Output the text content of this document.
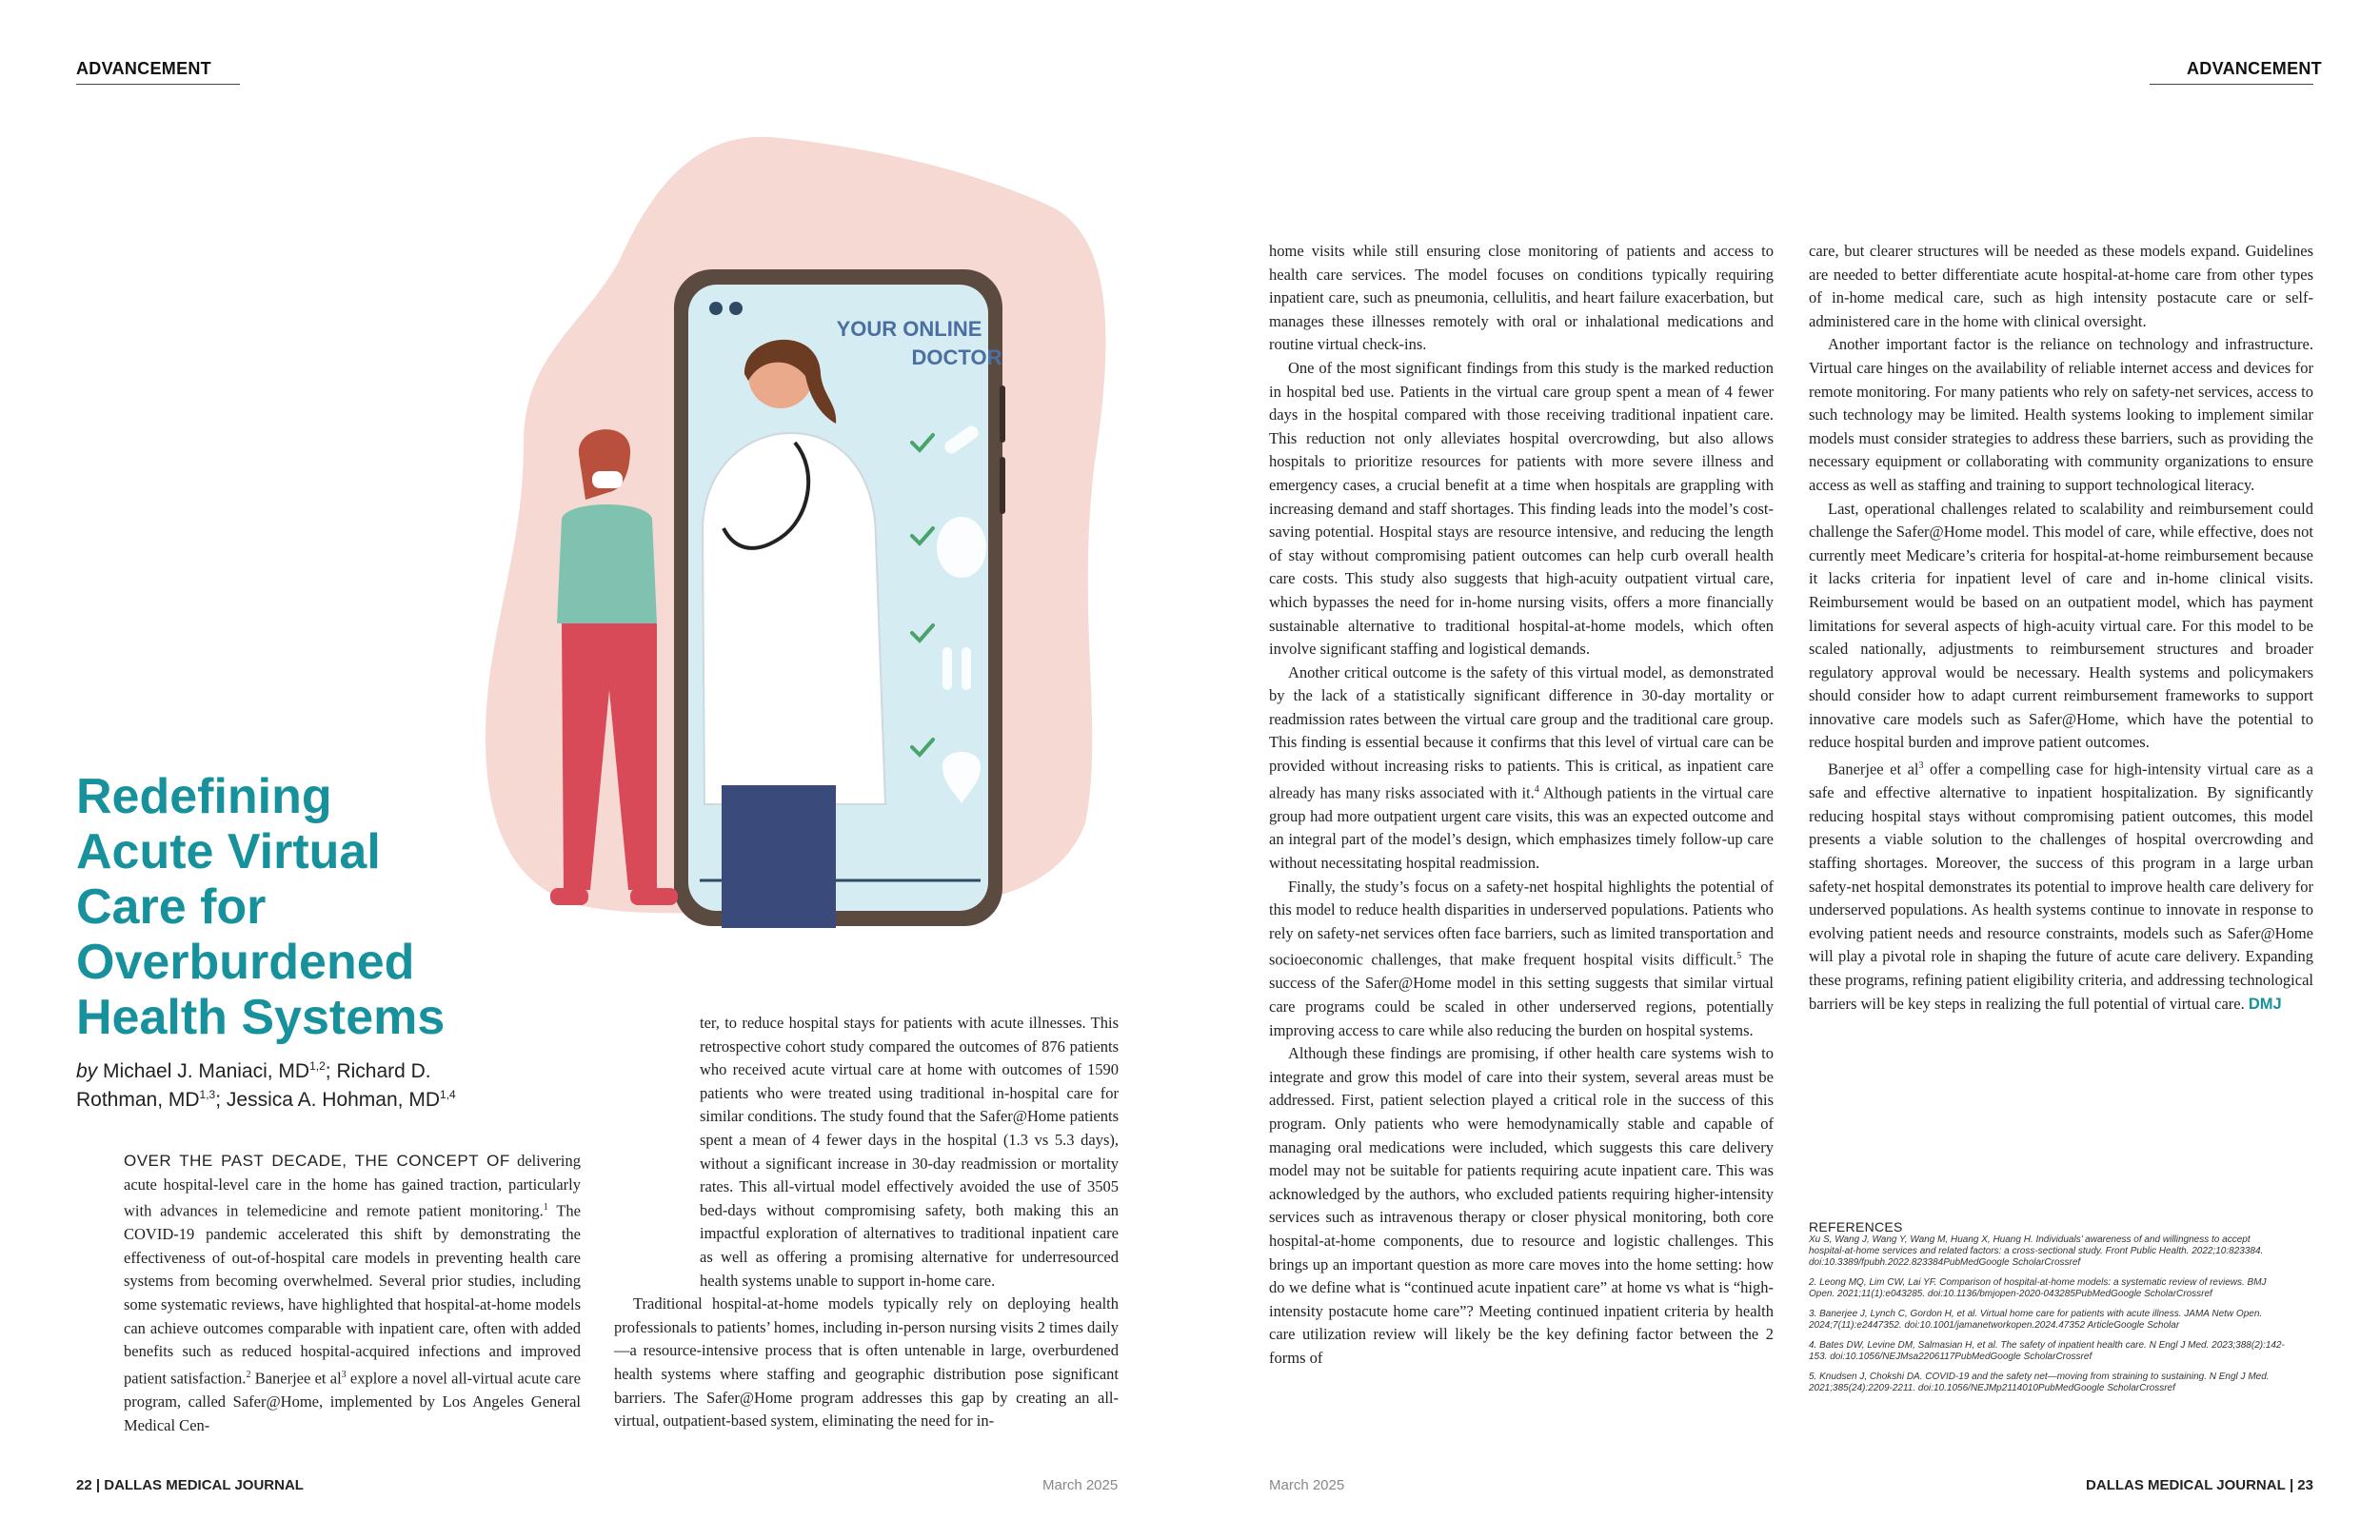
ADVANCEMENT
YOUR ONLINE
DOCTOR
Redefining
Acute Virtual
Care for
Overburdened
Health Systems
by Michael J. Maniaci, MD$^{1,2}$; Richard D.
Rothman, MD$^{1,3}$; Jessica A. Hohman, MD$^{1,4}$

OVER THE PAST DECADE, THE CONCEPT OF delivering acute hospital-level care in the home has gained traction, particularly with advances in telemedicine and remote patient monitoring.$^1$ The COVID-19 pandemic accelerated this shift by demonstrating the effectiveness of out-of-hospital care models in preventing health care systems from becoming overwhelmed. Several prior studies, including some systematic reviews, have highlighted that hospital-at-home models can achieve outcomes comparable with inpatient care, often with added benefits such as reduced hospital-acquired infections and improved patient satisfaction.$^2$ Banerjee et $al^3$ explore a novel all-virtual acute care program, called Safer@Home, implemented by Los Angeles General Medical Cen-

ter, to reduce hospital stays for patients with acute illnesses. This retrospective cohort study compared the outcomes of 876 patients who received acute virtual care at home with outcomes of 1590 patients who were treated using traditional in-hospital care for similar conditions. The study found that the Safer@Home patients spent a mean of 4 fewer days in the hospital (1.3 vs 5.3 days), without a significant increase in 30-day readmission or mortality rates. This all-virtual model effectively avoided the use of 3505 bed-days without compromising safety, both making this an impactful exploration of alternatives to traditional inpatient care as well as offering a promising alternative for underresourced health systems unable to support in-home care.

Traditional hospital-at-home models typically rely on deploying health professionals to patients’ homes, including in-person nursing visits 2 times daily—a resource-intensive process that is often untenable in large, overburdened health systems where staffing and geographic distribution pose significant barriers. The Safer@Home program addresses this gap by creating an all-virtual, outpatient-based system, eliminating the need for in-

22 | DALLAS MEDICAL JOURNAL	March 2025
ADVANCEMENT

home visits while still ensuring close monitoring of patients and access to health care services. The model focuses on conditions typically requiring inpatient care, such as pneumonia, cellulitis, and heart failure exacerbation, but manages these illnesses remotely with oral or inhalational medications and routine virtual check-ins.

One of the most significant findings from this study is the marked reduction in hospital bed use. Patients in the virtual care group spent a mean of 4 fewer days in the hospital compared with those receiving traditional inpatient care. This reduction not only alleviates hospital overcrowding, but also allows hospitals to prioritize resources for patients with more severe illness and emergency cases, a crucial benefit at a time when hospitals are grappling with increasing demand and staff shortages. This finding leads into the model’s cost-saving potential. Hospital stays are resource intensive, and reducing the length of stay without compromising patient outcomes can help curb overall health care costs. This study also suggests that high-acuity outpatient virtual care, which bypasses the need for in-home nursing visits, offers a more financially sustainable alternative to traditional hospital-at-home models, which often involve significant staffing and logistical demands.

Another critical outcome is the safety of this virtual model, as demonstrated by the lack of a statistically significant difference in 30-day mortality or readmission rates between the virtual care group and the traditional care group. This finding is essential because it confirms that this level of virtual care can be provided without increasing risks to patients. This is critical, as inpatient care already has many risks associated with it.$^4$ Although patients in the virtual care group had more outpatient urgent care visits, this was an expected outcome and an integral part of the model’s design, which emphasizes timely follow-up care without necessitating hospital readmission.

Finally, the study’s focus on a safety-net hospital highlights the potential of this model to reduce health disparities in underserved populations. Patients who rely on safety-net services often face barriers, such as limited transportation and socioeconomic challenges, that make frequent hospital visits difficult.$^5$ The success of the Safer@Home model in this setting suggests that similar virtual care programs could be scaled in other underserved regions, potentially improving access to care while also reducing the burden on hospital systems.

Although these findings are promising, if other health care systems wish to integrate and grow this model of care into their system, several areas must be addressed. First, patient selection played a critical role in the success of this program. Only patients who were hemodynamically stable and capable of managing oral medications were included, which suggests this care delivery model may not be suitable for patients requiring acute inpatient care. This was acknowledged by the authors, who excluded patients requiring higher-intensity services such as intravenous therapy or closer physical monitoring, both core hospital-at-home components, due to resource and logistic challenges. This brings up an important question as more care moves into the home setting: how do we define what is “continued acute inpatient care” at home vs what is “high-intensity postacute home care”? Meeting continued inpatient criteria by health care utilization review will likely be the key defining factor between the 2 forms of

care, but clearer structures will be needed as these models expand. Guidelines are needed to better differentiate acute hospital-at-home care from other types of in-home medical care, such as high intensity postacute care or self-administered care in the home with clinical oversight.

Another important factor is the reliance on technology and infrastructure. Virtual care hinges on the availability of reliable internet access and devices for remote monitoring. For many patients who rely on safety-net services, access to such technology may be limited. Health systems looking to implement similar models must consider strategies to address these barriers, such as providing the necessary equipment or collaborating with community organizations to ensure access as well as staffing and training to support technological literacy.

Last, operational challenges related to scalability and reimbursement could challenge the Safer@Home model. This model of care, while effective, does not currently meet Medicare’s criteria for hospital-at-home reimbursement because it lacks criteria for inpatient level of care and in-home clinical visits. Reimbursement would be based on an outpatient model, which has payment limitations for several aspects of high-acuity virtual care. For this model to be scaled nationally, adjustments to reimbursement structures and broader regulatory approval would be necessary. Health systems and policymakers should consider how to adapt current reimbursement frameworks to support innovative care models such as Safer@Home, which have the potential to reduce hospital burden and improve patient outcomes.

Banerjee et $al^3$ offer a compelling case for high-intensity virtual care as a safe and effective alternative to inpatient hospitalization. By significantly reducing hospital stays without compromising patient outcomes, this model presents a viable solution to the challenges of hospital overcrowding and staffing shortages. Moreover, the success of this program in a large urban safety-net hospital demonstrates its potential to improve health care delivery for underserved populations. As health systems continue to innovate in response to evolving patient needs and resource constraints, models such as Safer@Home will play a pivotal role in shaping the future of acute care delivery. Expanding these programs, refining patient eligibility criteria, and addressing technological barriers will be key steps in realizing the full potential of virtual care. DMJ

REFERENCES
Xu S, Wang J, Wang Y, Wang M, Huang X, Huang H. Individuals’ awareness of and willingness to accept hospital-at-home services and related factors: a cross-sectional study. Front Public Health. 2022;10:823384. doi:10.3389/fpubh.2022.823384PubMedGoogle ScholarCrossref
2. Leong MQ, Lim CW, Lai YF. Comparison of hospital-at-home models: a systematic review of reviews. BMJ Open. 2021;11(1):e043285. doi:10.1136/bmjopen-2020-043285PubMedGoogle ScholarCrossref
3. Banerjee J, Lynch C, Gordon H, et al. Virtual home care for patients with acute illness. JAMA Netw Open. 2024;7(11):e2447352. doi:10.1001/jamanetworkopen.2024.47352 ArticleGoogle Scholar
4. Bates DW, Levine DM, Salmasian H, et al. The safety of inpatient health care. N Engl J Med. 2023;388(2):142-153. doi:10.1056/NEJMsa2206117PubMedGoogle ScholarCrossref
5. Knudsen J, Chokshi DA. COVID-19 and the safety net—moving from straining to sustaining. N Engl J Med. 2021;385(24):2209-2211. doi:10.1056/NEJMp2114010PubMedGoogle ScholarCrossref
March 2025	DALLAS MEDICAL JOURNAL | 23
